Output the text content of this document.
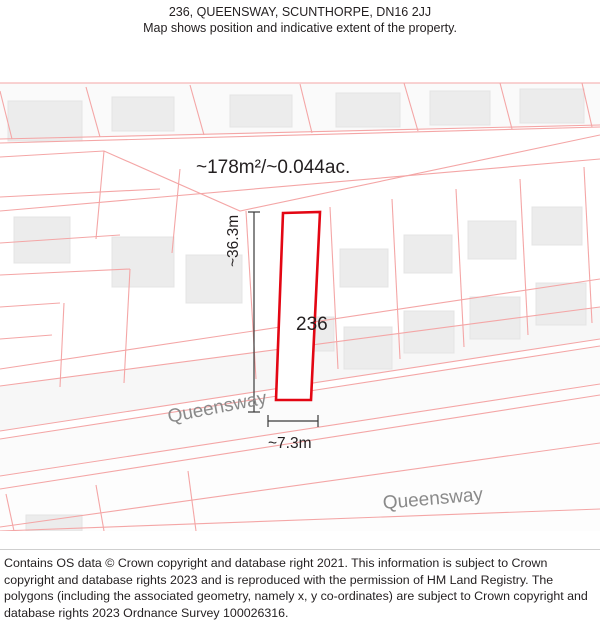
236, QUEENSWAY, SCUNTHORPE, DN16 2JJ
Map shows position and indicative extent of the property.
~178m²/~0.044ac.
236
~7.3m
~36.3m
Queensway
Queensway

Contains OS data © Crown copyright and database right 2021. This information is subject to Crown copyright and database rights 2023 and is reproduced with the permission of HM Land Registry. The polygons (including the associated geometry, namely x, y co-ordinates) are subject to Crown copyright and database rights 2023 Ordnance Survey 100026316.
